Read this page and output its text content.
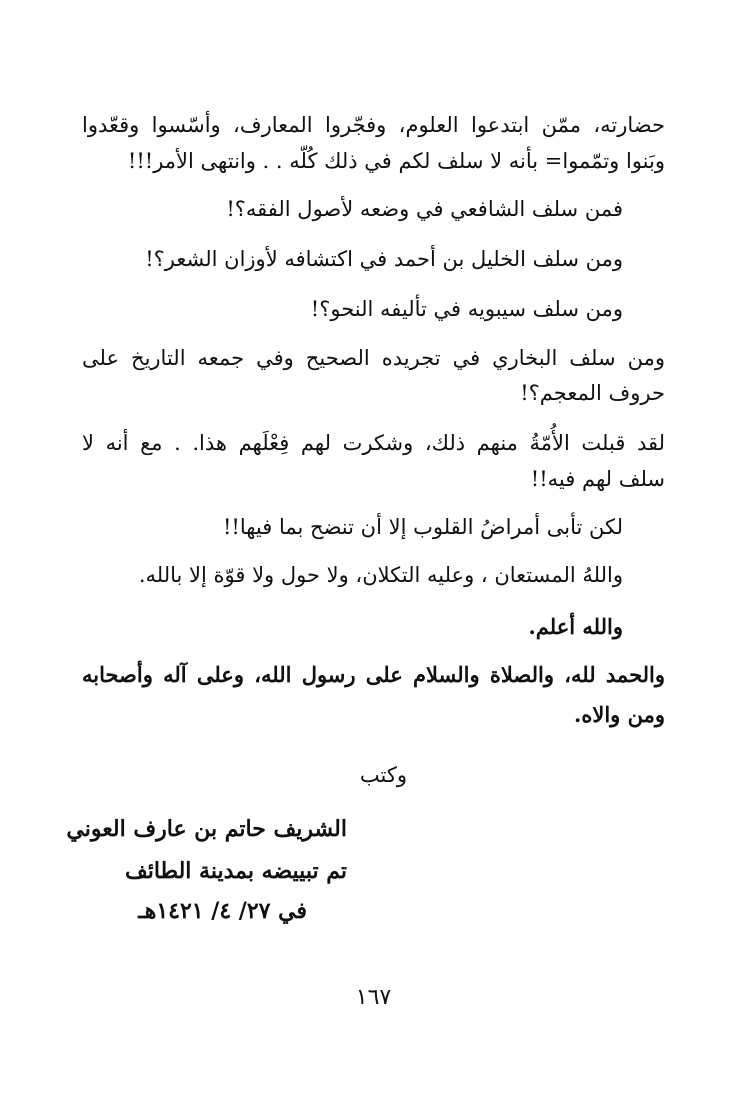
حضارته، ممّن ابتدعوا العلوم، وفجّروا المعارف، وأسّسوا وقعّدوا
وبَنوا وتمّموا= بأنه لا سلف لكم في ذلك كُلّه . . وانتهى الأمر!!!
فمن سلف الشافعي في وضعه لأصول الفقه؟!
ومن سلف الخليل بن أحمد في اكتشافه لأوزان الشعر؟!
ومن سلف سيبويه في تأليفه النحو؟!
ومن سلف البخاري في تجريده الصحيح وفي جمعه التاريخ على
حروف المعجم؟!
لقد قبلت الأُمّةُ منهم ذلك، وشكرت لهم فِعْلَهم هذا. . مع أنه لا
سلف لهم فيه!!
لكن تأبى أمراضُ القلوب إلا أن تنضح بما فيها!!
واللهُ المستعان ، وعليه التكلان، ولا حول ولا قوّة إلا بالله.
والله أعلم.
والحمد لله، والصلاة والسلام على رسول الله، وعلى آله وأصحابه
ومن والاه.
وكتب
الشريف حاتم بن عارف العوني
تم تبييضه بمدينة الطائف
في ٢٧/ ٤/ ١٤٢١هـ
١٦٧
